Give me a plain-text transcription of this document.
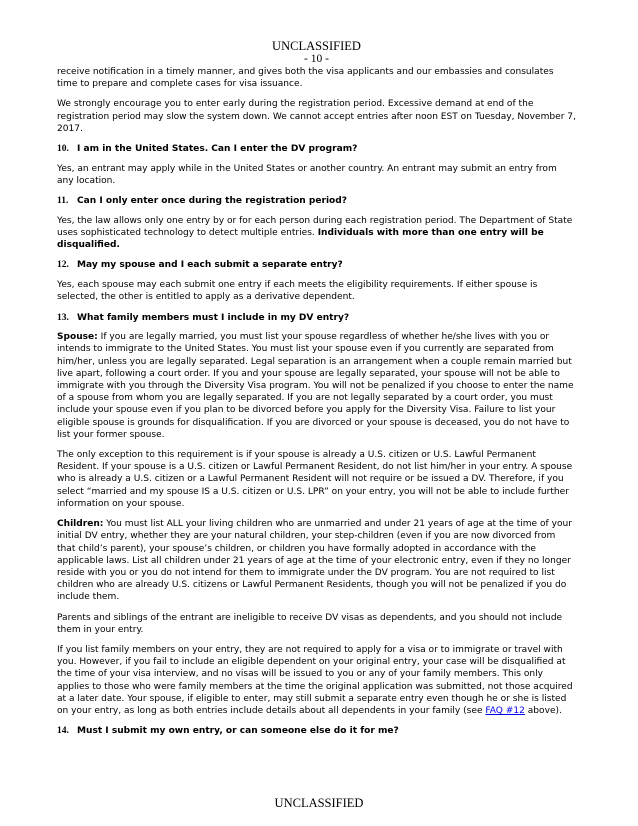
UNCLASSIFIED
- 10 -

receive notification in a timely manner, and gives both the visa applicants and our embassies and consulates time to prepare and complete cases for visa issuance.

We strongly encourage you to enter early during the registration period. Excessive demand at end of the registration period may slow the system down. We cannot accept entries after noon EST on Tuesday, November 7, 2017.

10. I am in the United States. Can I enter the DV program?

Yes, an entrant may apply while in the United States or another country. An entrant may submit an entry from any location.

11. Can I only enter once during the registration period?

Yes, the law allows only one entry by or for each person during each registration period. The Department of State uses sophisticated technology to detect multiple entries. Individuals with more than one entry will be disqualified.

12. May my spouse and I each submit a separate entry?

Yes, each spouse may each submit one entry if each meets the eligibility requirements. If either spouse is selected, the other is entitled to apply as a derivative dependent.

13. What family members must I include in my DV entry?

Spouse: If you are legally married, you must list your spouse regardless of whether he/she lives with you or intends to immigrate to the United States. You must list your spouse even if you currently are separated from him/her, unless you are legally separated. Legal separation is an arrangement when a couple remain married but live apart, following a court order. If you and your spouse are legally separated, your spouse will not be able to immigrate with you through the Diversity Visa program. You will not be penalized if you choose to enter the name of a spouse from whom you are legally separated. If you are not legally separated by a court order, you must include your spouse even if you plan to be divorced before you apply for the Diversity Visa. Failure to list your eligible spouse is grounds for disqualification. If you are divorced or your spouse is deceased, you do not have to list your former spouse.

The only exception to this requirement is if your spouse is already a U.S. citizen or U.S. Lawful Permanent Resident. If your spouse is a U.S. citizen or Lawful Permanent Resident, do not list him/her in your entry. A spouse who is already a U.S. citizen or a Lawful Permanent Resident will not require or be issued a DV. Therefore, if you select “married and my spouse IS a U.S. citizen or U.S. LPR” on your entry, you will not be able to include further information on your spouse.

Children: You must list ALL your living children who are unmarried and under 21 years of age at the time of your initial DV entry, whether they are your natural children, your step-children (even if you are now divorced from that child’s parent), your spouse’s children, or children you have formally adopted in accordance with the applicable laws. List all children under 21 years of age at the time of your electronic entry, even if they no longer reside with you or you do not intend for them to immigrate under the DV program. You are not required to list children who are already U.S. citizens or Lawful Permanent Residents, though you will not be penalized if you do include them.

Parents and siblings of the entrant are ineligible to receive DV visas as dependents, and you should not include them in your entry.

If you list family members on your entry, they are not required to apply for a visa or to immigrate or travel with you. However, if you fail to include an eligible dependent on your original entry, your case will be disqualified at the time of your visa interview, and no visas will be issued to you or any of your family members. This only applies to those who were family members at the time the original application was submitted, not those acquired at a later date. Your spouse, if eligible to enter, may still submit a separate entry even though he or she is listed on your entry, as long as both entries include details about all dependents in your family (see FAQ #12 above).

14. Must I submit my own entry, or can someone else do it for me?

UNCLASSIFIED
